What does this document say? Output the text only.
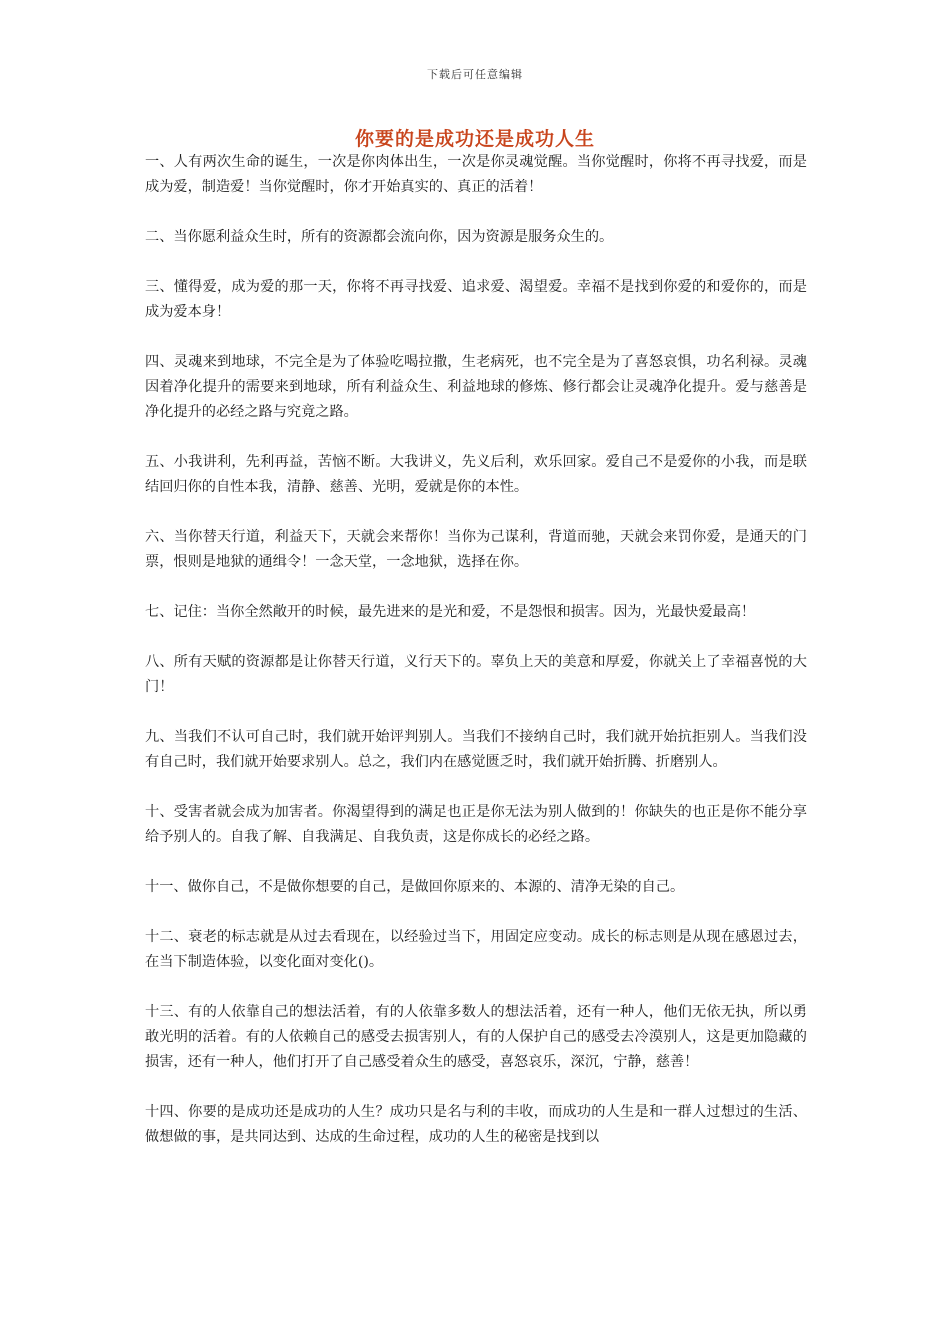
下载后可任意编辑
你要的是成功还是成功人生

一、人有两次生命的诞生，一次是你肉体出生，一次是你灵魂觉醒。当你觉醒时，你将不再寻找爱，而是成为爱，制造爱！当你觉醒时，你才开始真实的、真正的活着！

二、当你愿利益众生时，所有的资源都会流向你，因为资源是服务众生的。

三、懂得爱，成为爱的那一天，你将不再寻找爱、追求爱、渴望爱。幸福不是找到你爱的和爱你的，而是成为爱本身！

四、灵魂来到地球，不完全是为了体验吃喝拉撒，生老病死，也不完全是为了喜怒哀惧，功名利禄。灵魂因着净化提升的需要来到地球，所有利益众生、利益地球的修炼、修行都会让灵魂净化提升。爱与慈善是净化提升的必经之路与究竟之路。

五、小我讲利，先利再益，苦恼不断。大我讲义，先义后利，欢乐回家。爱自己不是爱你的小我，而是联结回归你的自性本我，清静、慈善、光明，爱就是你的本性。

六、当你替天行道，利益天下，天就会来帮你！当你为己谋利，背道而驰，天就会来罚你爱，是通天的门票，恨则是地狱的通缉令！一念天堂，一念地狱，选择在你。

七、记住：当你全然敞开的时候，最先进来的是光和爱，不是怨恨和损害。因为，光最快爱最高！

八、所有天赋的资源都是让你替天行道，义行天下的。辜负上天的美意和厚爱，你就关上了幸福喜悦的大门！

九、当我们不认可自己时，我们就开始评判别人。当我们不接纳自己时，我们就开始抗拒别人。当我们没有自己时，我们就开始要求别人。总之，我们内在感觉匮乏时，我们就开始折腾、折磨别人。

十、受害者就会成为加害者。你渴望得到的满足也正是你无法为别人做到的！你缺失的也正是你不能分享给予别人的。自我了解、自我满足、自我负责，这是你成长的必经之路。

十一、做你自己，不是做你想要的自己，是做回你原来的、本源的、清净无染的自己。

十二、衰老的标志就是从过去看现在，以经验过当下，用固定应变动。成长的标志则是从现在感恩过去，在当下制造体验，以变化面对变化()。

十三、有的人依靠自己的想法活着，有的人依靠多数人的想法活着，还有一种人，他们无依无执，所以勇敢光明的活着。有的人依赖自己的感受去损害别人，有的人保护自己的感受去冷漠别人，这是更加隐藏的损害，还有一种人，他们打开了自己感受着众生的感受，喜怒哀乐，深沉，宁静，慈善！

十四、你要的是成功还是成功的人生？成功只是名与利的丰收，而成功的人生是和一群人过想过的生活、做想做的事，是共同达到、达成的生命过程，成功的人生的秘密是找到以
